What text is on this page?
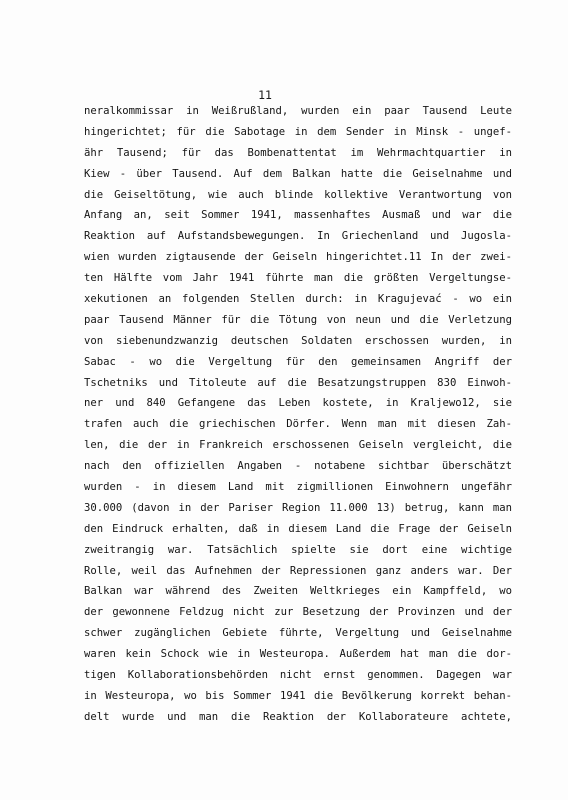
11
neralkommissar in Weißrußland, wurden ein paar Tausend Leute
hingerichtet; für die Sabotage in dem Sender in Minsk - ungef-
ähr Tausend; für das Bombenattentat im Wehrmachtquartier in
Kiew - über Tausend. Auf dem Balkan hatte die Geiselnahme und
die Geiseltötung, wie auch blinde kollektive Verantwortung von
Anfang an, seit Sommer 1941, massenhaftes Ausmaß und war die
Reaktion auf Aufstandsbewegungen. In Griechenland und Jugosla-
wien wurden zigtausende der Geiseln hingerichtet.11 In der zwei-
ten Hälfte vom Jahr 1941 führte man die größten Vergeltungse-
xekutionen an folgenden Stellen durch: in Kragujevać - wo ein
paar Tausend Männer für die Tötung von neun und die Verletzung
von siebenundzwanzig deutschen Soldaten erschossen wurden, in
Sabac - wo die Vergeltung für den gemeinsamen Angriff der
Tschetniks und Titoleute auf die Besatzungstruppen 830 Einwoh-
ner und 840 Gefangene das Leben kostete, in Kraljewo12, sie
trafen auch die griechischen Dörfer. Wenn man mit diesen Zah-
len, die der in Frankreich erschossenen Geiseln vergleicht, die
nach den offiziellen Angaben - notabene sichtbar überschätzt
wurden - in diesem Land mit zigmillionen Einwohnern ungefähr
30.000 (davon in der Pariser Region 11.000 13) betrug, kann man
den Eindruck erhalten, daß in diesem Land die Frage der Geiseln
zweitrangig war. Tatsächlich spielte sie dort eine wichtige
Rolle, weil das Aufnehmen der Repressionen ganz anders war. Der
Balkan war während des Zweiten Weltkrieges ein Kampffeld, wo
der gewonnene Feldzug nicht zur Besetzung der Provinzen und der
schwer zugänglichen Gebiete führte, Vergeltung und Geiselnahme
waren kein Schock wie in Westeuropa. Außerdem hat man die dor-
tigen Kollaborationsbehörden nicht ernst genommen. Dagegen war
in Westeuropa, wo bis Sommer 1941 die Bevölkerung korrekt behan-
delt wurde und man die Reaktion der Kollaborateure achtete,
